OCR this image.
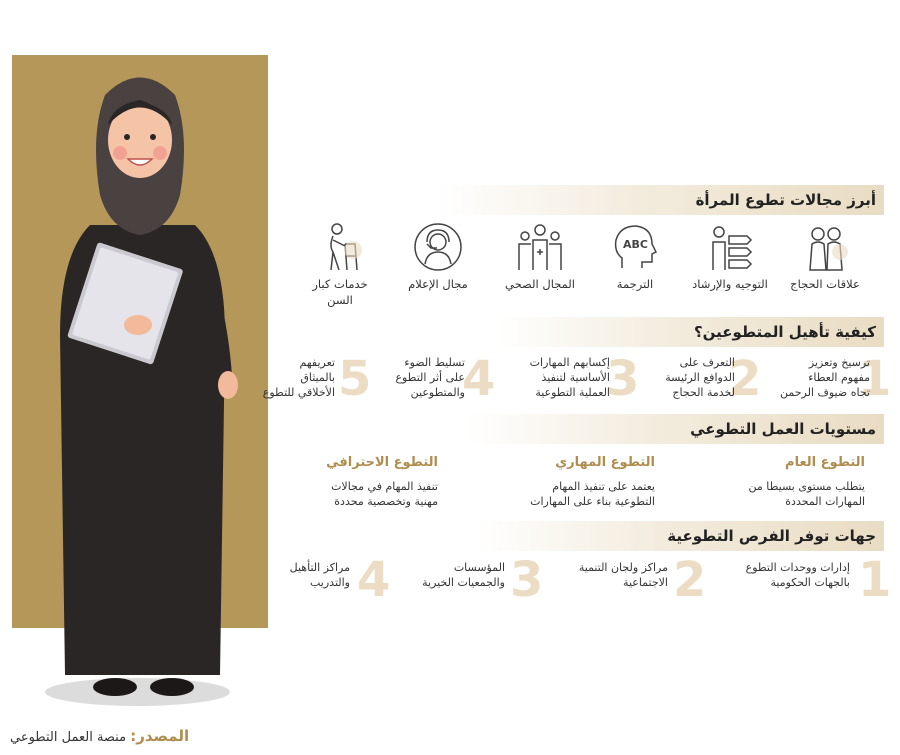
أبرز مجالات تطوع المرأة
علاقات الحجاج
التوجيه والإرشاد
ABC
الترجمة
المجال الصحي
مجال الإعلام
خدمات كبار
السن
كيفية تأهيل المتطوعين؟
1
ترسيخ وتعزيز
مفهوم العطاء
تجاه ضيوف الرحمن
2
التعرف على
الدوافع الرئيسة
لخدمة الحجاج
3
إكسابهم المهارات
الأساسية لتنفيذ
العملية التطوعية
4
تسليط الضوء
على أثر التطوع
والمتطوعين
5
تعريفهم
بالميثاق
الأخلاقي للتطوع
مستويات العمل التطوعي
التطوع العام
يتطلب مستوى بسيطا من
المهارات المحددة
التطوع المهاري
يعتمد على تنفيذ المهام
التطوعية بناء على المهارات
التطوع الاحترافي
تنفيذ المهام في مجالات
مهنية وتخصصية محددة
جهات توفر الفرص التطوعية
1
إدارات ووحدات التطوع
بالجهات الحكومية
2
مراكز ولجان التنمية
الاجتماعية
3
المؤسسات
والجمعيات الخيرية
4
مراكز التأهيل
والتدريب
المصدر: منصة العمل التطوعي
